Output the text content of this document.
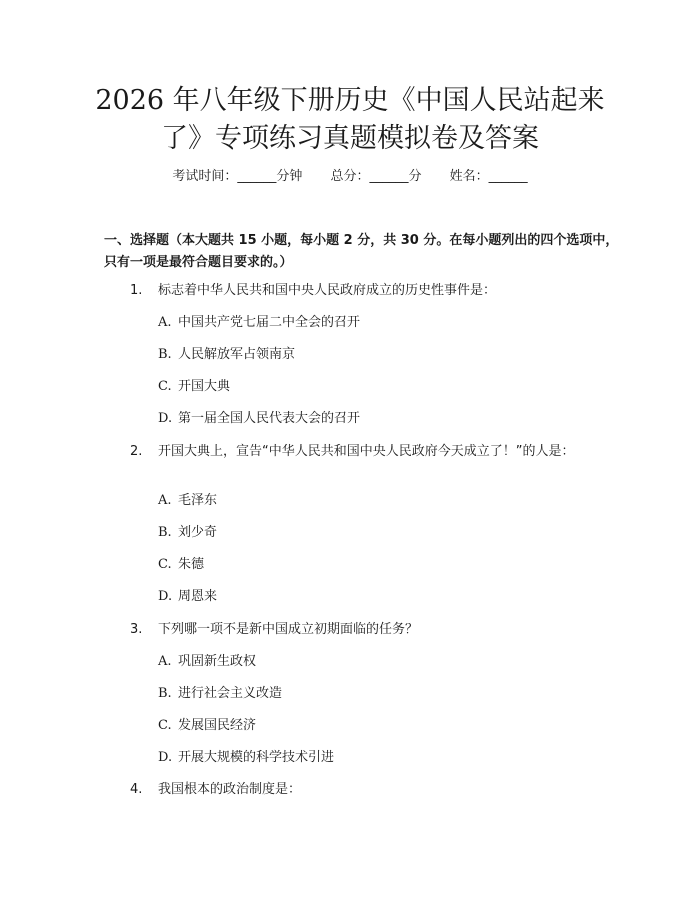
2026 年八年级下册历史《中国人民站起来
了》专项练习真题模拟卷及答案
考试时间：______分钟 总分：______分 姓名：______
一、选择题（本大题共 15 小题，每小题 2 分，共 30 分。在每小题列出的四个选项中，只有一项是最符合题目要求的。）
1. 标志着中华人民共和国中央人民政府成立的历史性事件是：
A. 中国共产党七届二中全会的召开
B. 人民解放军占领南京
C. 开国大典
D. 第一届全国人民代表大会的召开
2. 开国大典上，宣告“中华人民共和国中央人民政府今天成立了！”的人是：
A. 毛泽东
B. 刘少奇
C. 朱德
D. 周恩来
3. 下列哪一项不是新中国成立初期面临的任务？
A. 巩固新生政权
B. 进行社会主义改造
C. 发展国民经济
D. 开展大规模的科学技术引进
4. 我国根本的政治制度是：
